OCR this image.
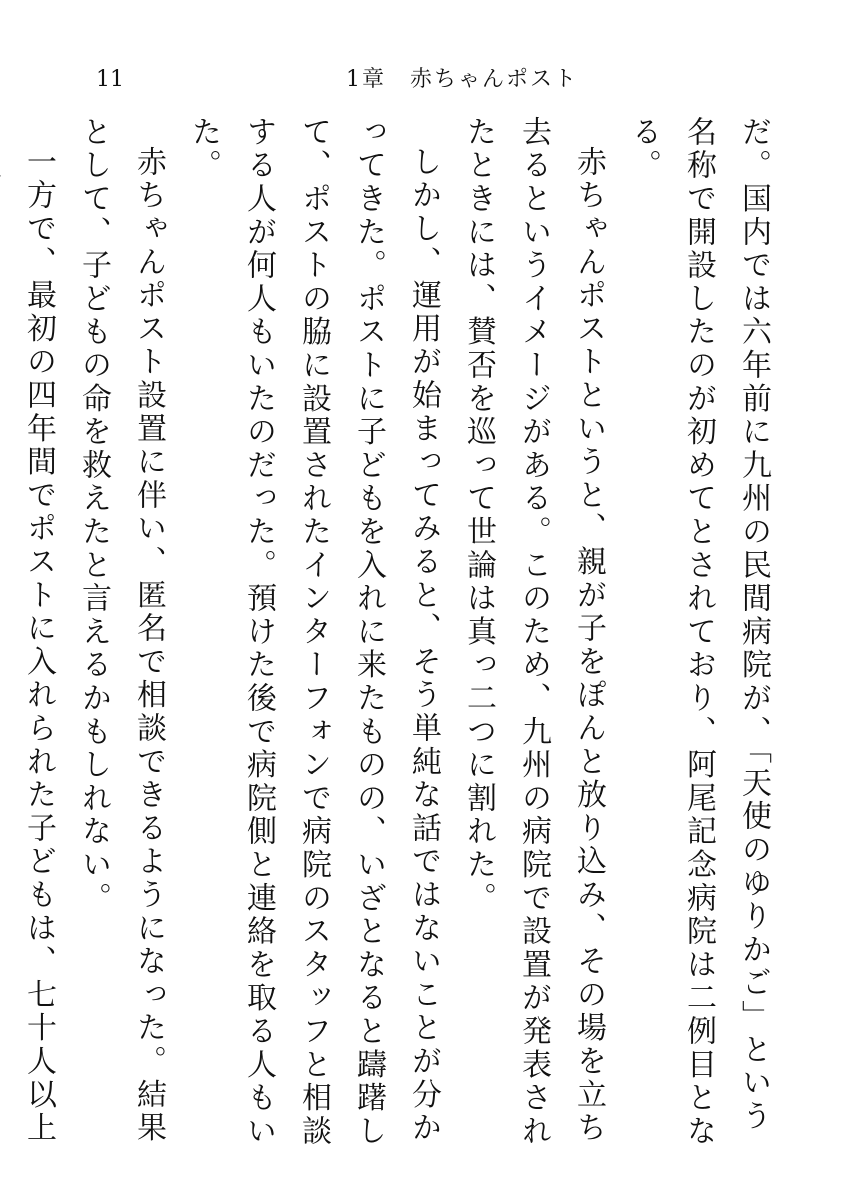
11	1章　赤ちゃんポスト

だ。国内では六年前に九州の民間病院が、「天使のゆりかご」という名称で開設したのが初めてとされており、阿尾記念病院は二例目となる。

赤ちゃんポストというと、親が子をぽんと放り込み、その場を立ち去るというイメージがある。このため、九州の病院で設置が発表されたときには、賛否を巡って世論は真っ二つに割れた。

しかし、運用が始まってみると、そう単純な話ではないことが分かってきた。ポストに子どもを入れに来たものの、いざとなると躊躇して、ポストの脇に設置されたインターフォンで病院のスタッフと相談する人が何人もいたのだった。預けた後で病院側と連絡を取る人もいた。

赤ちゃんポスト設置に伴い、匿名で相談できるようになった。結果として、子どもの命を救えたと言えるかもしれない。

一方で、最初の四年間でポストに入れられた子どもは、七十人以上
